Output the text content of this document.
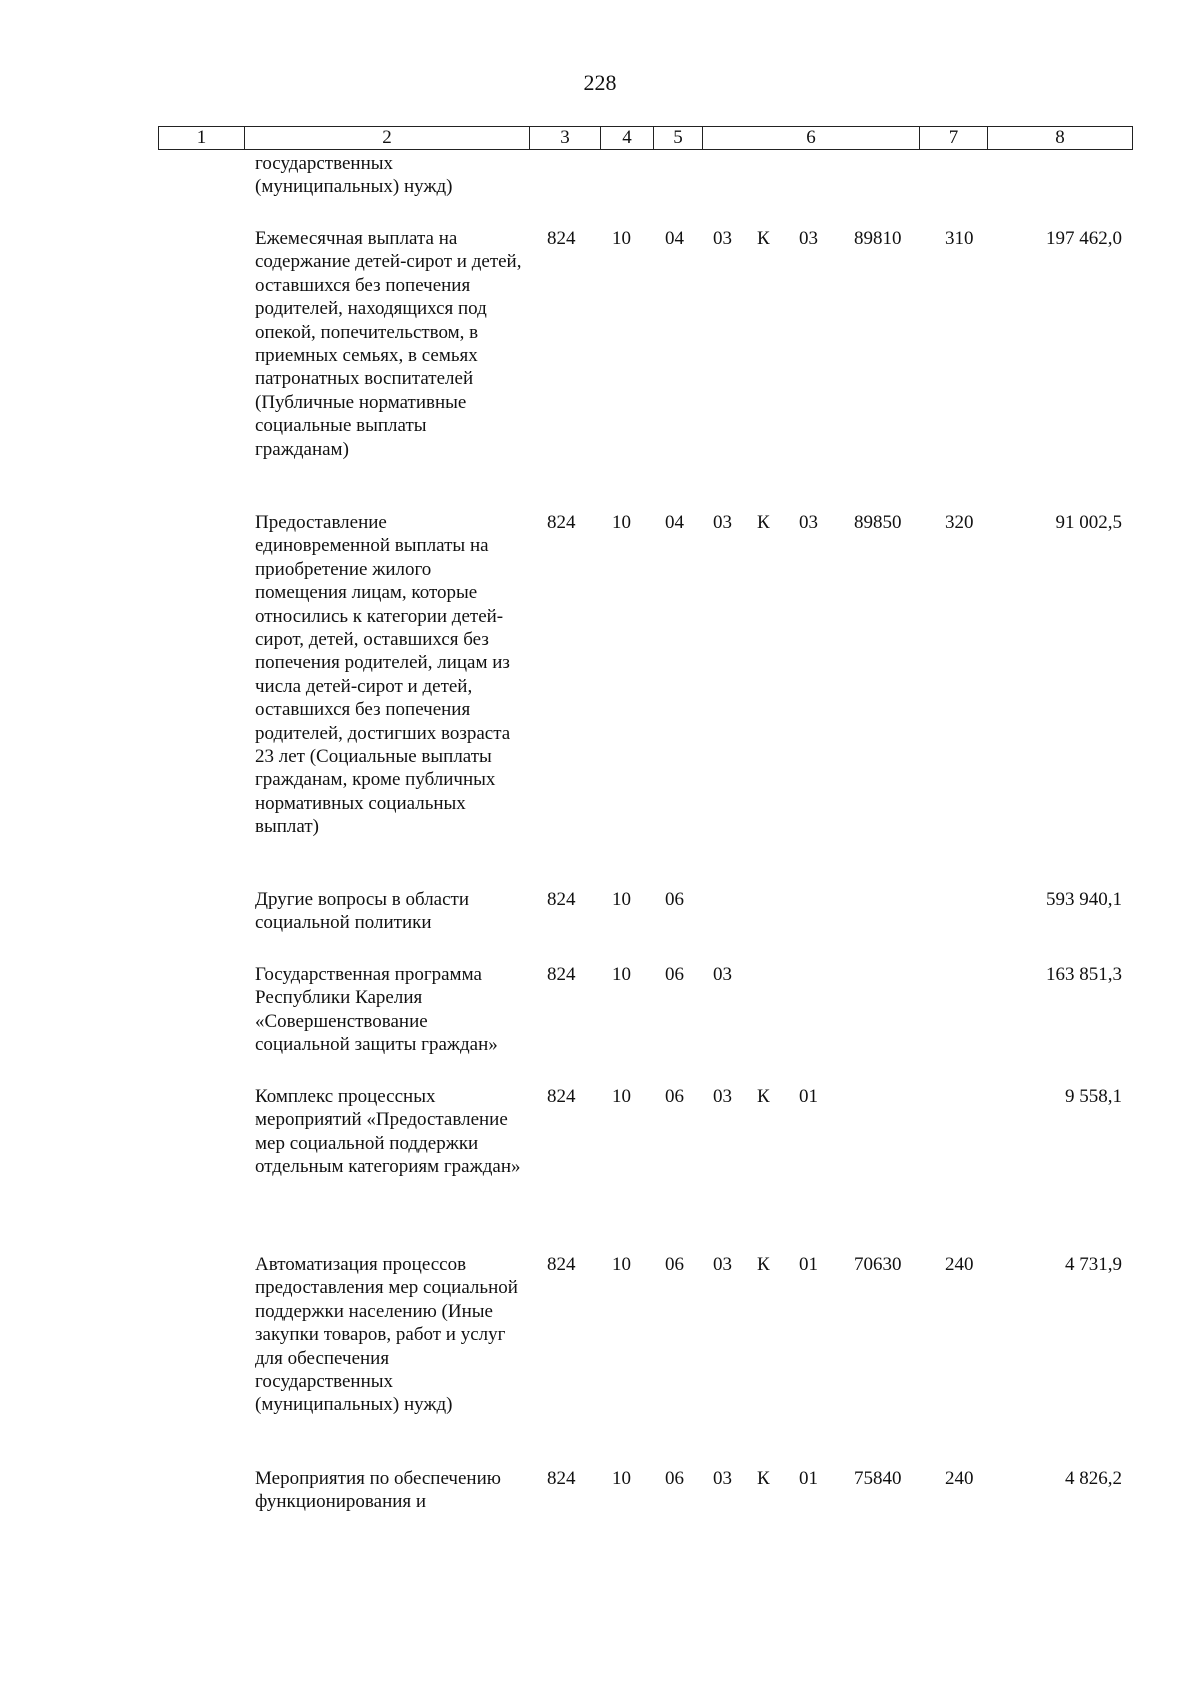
228
1	2	3	4	5	6	7	8
государственных
(муниципальных) нужд)
Ежемесячная выплата на содержание детей-сирот и детей, оставшихся без попечения родителей, находящихся под опекой, попечительством, в приемных семьях, в семьях патронатных воспитателей (Публичные нормативные социальные выплаты гражданам)
824 10 04 03 К 03 89810 310	197 462,0
Предоставление единовременной выплаты на приобретение жилого помещения лицам, которые относились к категории детей-сирот, детей, оставшихся без попечения родителей, лицам из числа детей-сирот и детей, оставшихся без попечения родителей, достигших возраста 23 лет (Социальные выплаты гражданам, кроме публичных нормативных социальных выплат)
824 10 04 03 К 03 89850 320	91 002,5
Другие вопросы в области социальной политики
824 10 06	593 940,1
Государственная программа Республики Карелия «Совершенствование социальной защиты граждан»
824 10 06 03	163 851,3
Комплекс процессных мероприятий «Предоставление мер социальной поддержки отдельным категориям граждан»
824 10 06 03 К 01	9 558,1
Автоматизация процессов предоставления мер социальной поддержки населению (Иные закупки товаров, работ и услуг для обеспечения государственных (муниципальных) нужд)
824 10 06 03 К 01 70630 240	4 731,9
Мероприятия по обеспечению функционирования и
824 10 06 03 К 01 75840 240	4 826,2
